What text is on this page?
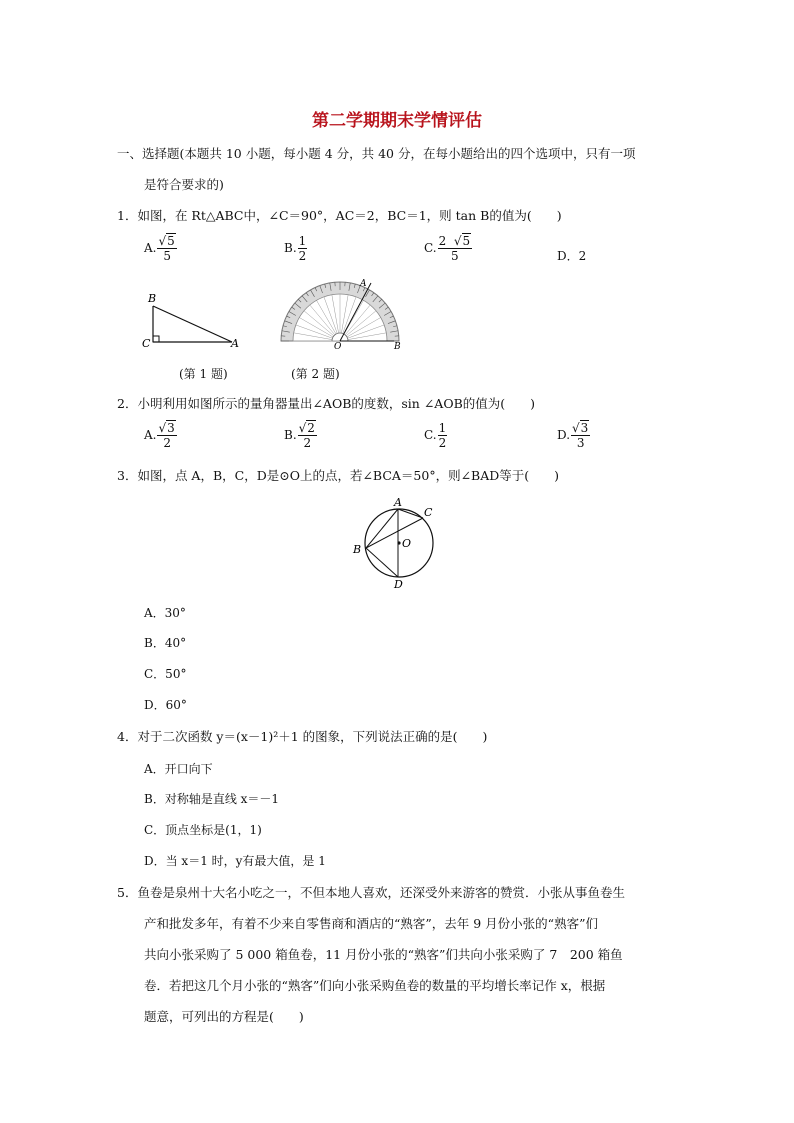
第二学期期末学情评估
一、选择题(本题共 10 小题，每小题 4 分，共 40 分，在每小题给出的四个选项中，只有一项
是符合要求的)
1．如图，在 Rt△ABC中，∠C＝90°，AC＝2，BC＝1，则 tan B的值为(　　)
A. $\frac{√5}{5}$	B. $\frac{1}{2}$	C. $\frac{2 √5}{5}$	D．2
B
C	A
A
O	B
(第 1 题)	(第 2 题)
2．小明利用如图所示的量角器量出∠AOB的度数，sin ∠AOB的值为(　　)
A. $\frac{√3}{2}$	B. $\frac{√2}{2}$	C. $\frac{1}{2}$	D. $\frac{√3}{3}$
3．如图，点 A，B，C，D是⊙O上的点，若∠BCA＝50°，则∠BAD等于(　　)
A
C
B	O
D
A．30°
B．40°
C．50°
D．60°
4．对于二次函数 y＝(x－1)²＋1 的图象，下列说法正确的是(　　)
A．开口向下
B．对称轴是直线 x＝－1
C．顶点坐标是(1，1)
D．当 x＝1 时，y有最大值，是 1
5．鱼卷是泉州十大名小吃之一，不但本地人喜欢，还深受外来游客的赞赏．小张从事鱼卷生
产和批发多年，有着不少来自零售商和酒店的“熟客”，去年 9 月份小张的“熟客”们
共向小张采购了 5 000 箱鱼卷，11 月份小张的“熟客”们共向小张采购了 7　200 箱鱼
卷．若把这几个月小张的“熟客”们向小张采购鱼卷的数量的平均增长率记作 x，根据
题意，可列出的方程是(　　)
